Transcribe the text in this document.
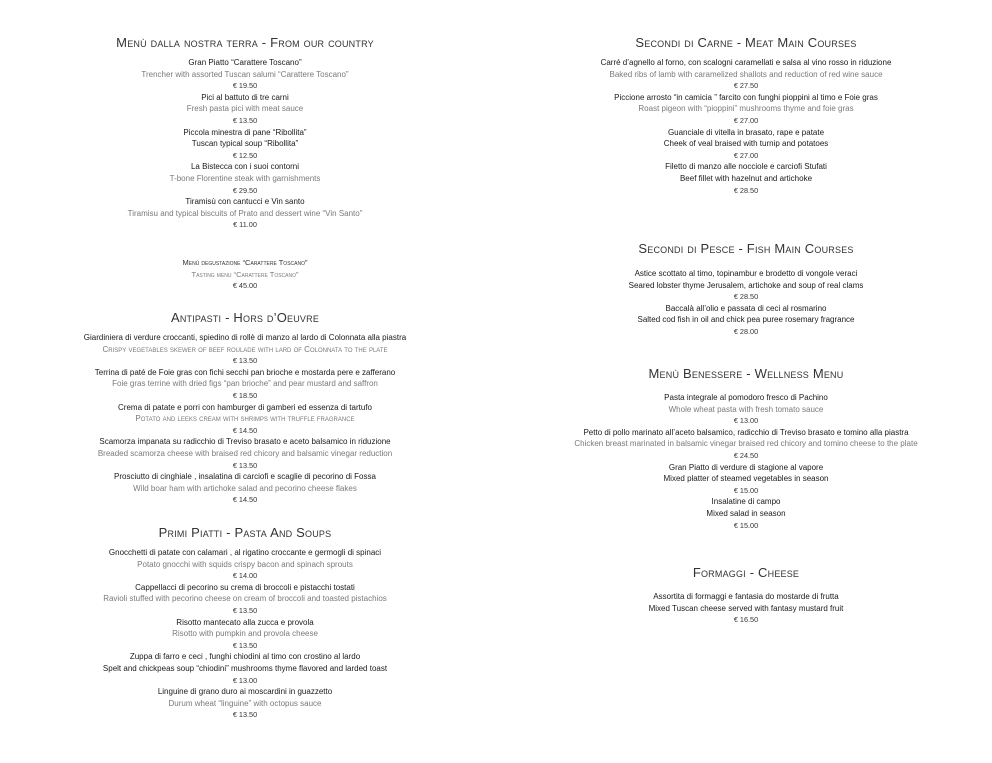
Menù dalla nostra terra - From our country
Gran Piatto “Carattere Toscano”
Trencher with assorted Tuscan salumi “Carattere Toscano”
€ 19.50
Pici al battuto di tre carni
Fresh pasta pici with meat sauce
€ 13.50
Piccola minestra di pane “Ribollita”
Tuscan typical soup “Ribollita”
€ 12.50
La Bistecca con i suoi contorni
T-bone Florentine steak with garnishments
€ 29.50
Tiramisù con cantucci e Vin santo
Tiramisu and typical biscuits of Prato and dessert wine “Vin Santo”
€ 11.00
Menù degustazione “Carattere Toscano”
Tasting menu “Carattere Toscano”
€ 45.00
Antipasti - Hors d’Oeuvre
Giardiniera di verdure croccanti, spiedino di rollè di manzo al lardo di Colonnata alla piastra
Crispy vegetables skewer of beef roulade with lard of Colonnata to the plate
€ 13.50
Terrina di paté de Foie gras con fichi secchi pan brioche e mostarda pere e zafferano
Foie gras terrine with dried figs “pan brioche” and pear mustard and saffron
€ 18.50
Crema di patate e porri con hamburger di gamberi ed essenza di tartufo
Potato and leeks cream with shrimps with truffle fragrance
€ 14.50
Scamorza impanata su radicchio di Treviso brasato e aceto balsamico in riduzione
Breaded scamorza cheese with braised red chicory and balsamic vinegar reduction
€ 13.50
Prosciutto di cinghiale , insalatina di carciofi e scaglie di pecorino di Fossa
Wild boar ham with artichoke salad and pecorino cheese flakes
€ 14.50
Primi Piatti - Pasta And Soups
Gnocchetti di patate con calamari , al rigatino croccante e germogli di spinaci
Potato gnocchi with squids crispy bacon and spinach sprouts
€ 14.00
Cappellacci di pecorino su crema di broccoli e pistacchi tostati
Ravioli stuffed with pecorino cheese on cream of broccoli and toasted pistachios
€ 13.50
Risotto mantecato alla zucca e provola
Risotto with pumpkin and provola cheese
€ 13.50
Zuppa di farro e ceci , funghi chiodini al timo con crostino al lardo
Spelt and chickpeas soup “chiodini” mushrooms thyme flavored and larded toast
€ 13.00
Linguine di grano duro ai moscardini in guazzetto
Durum wheat “linguine” with octopus sauce
€ 13.50
Secondi di Carne - Meat Main Courses
Carré d’agnello al forno, con scalogni caramellati e salsa al vino rosso in riduzione
Baked ribs of lamb with caramelized shallots and reduction of red wine sauce
€ 27.50
Piccione arrosto “in camicia ” farcito con funghi pioppini al timo e Foie gras
Roast pigeon with “pioppini” mushrooms thyme and foie gras
€ 27.00
Guanciale di vitella in brasato, rape e patate
Cheek of veal braised with turnip and potatoes
€ 27.00
Filetto di manzo alle nocciole e carciofi Stufati
Beef fillet with hazelnut and artichoke
€ 28.50
Secondi di Pesce - Fish Main Courses
Astice scottato al timo, topinambur e brodetto di vongole veraci
Seared lobster thyme Jerusalem, artichoke and soup of real clams
€ 28.50
Baccalà all’olio e passata di ceci al rosmarino
Salted cod fish in oil and chick pea puree rosemary fragrance
€ 28.00
Menù Benessere - Wellness Menu
Pasta integrale al pomodoro fresco di Pachino
Whole wheat pasta with fresh tomato sauce
€ 13.00
Petto di pollo marinato all’aceto balsamico, radicchio di Treviso brasato e tomino alla piastra
Chicken breast marinated in balsamic vinegar braised red chicory and tomino cheese to the plate
€ 24.50
Gran Piatto di verdure di stagione al vapore
Mixed platter of steamed vegetables in season
€ 15.00
Insalatine di campo
Mixed salad in season
€ 15.00
Formaggi - Cheese
Assortita di formaggi e fantasia do mostarde di frutta
Mixed Tuscan cheese served with fantasy mustard fruit
€ 16.50
